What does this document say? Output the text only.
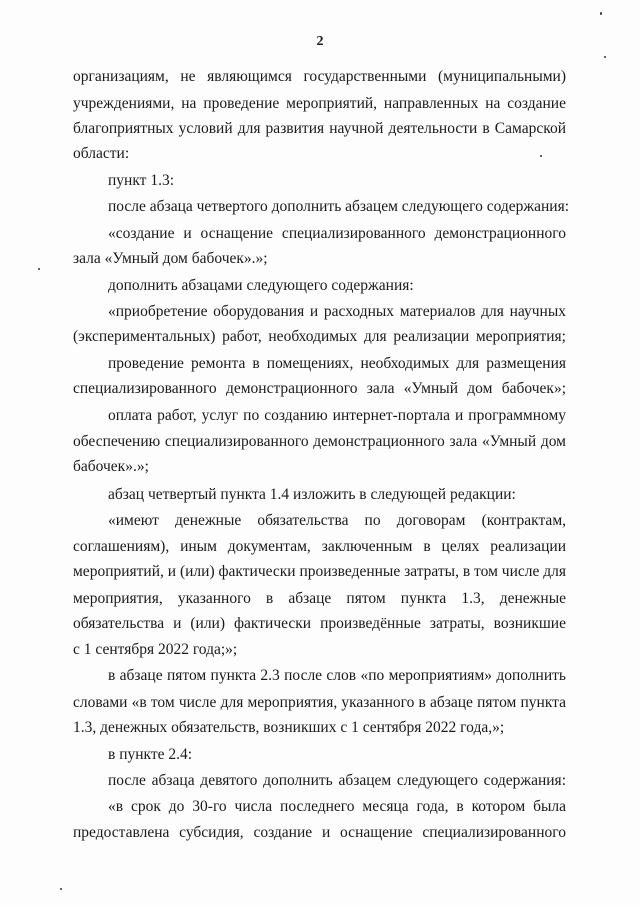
2
организациям, не являющимся государственными (муниципальными)
учреждениями, на проведение мероприятий, направленных на создание
благоприятных условий для развития научной деятельности в Самарской
области:
пункт 1.3:
после абзаца четвертого дополнить абзацем следующего содержания:
«создание и оснащение специализированного демонстрационного
зала «Умный дом бабочек».»;
дополнить абзацами следующего содержания:
«приобретение оборудования и расходных материалов для научных
(экспериментальных) работ, необходимых для реализации мероприятия;
проведение ремонта в помещениях, необходимых для размещения
специализированного демонстрационного зала «Умный дом бабочек»;
оплата работ, услуг по созданию интернет-портала и программному
обеспечению специализированного демонстрационного зала «Умный дом
бабочек».»;
абзац четвертый пункта 1.4 изложить в следующей редакции:
«имеют денежные обязательства по договорам (контрактам,
соглашениям), иным документам, заключенным в целях реализации
мероприятий, и (или) фактически произведенные затраты, в том числе для
мероприятия, указанного в абзаце пятом пункта 1.3, денежные
обязательства и (или) фактически произведённые затраты, возникшие
с 1 сентября 2022 года;»;
в абзаце пятом пункта 2.3 после слов «по мероприятиям» дополнить
словами «в том числе для мероприятия, указанного в абзаце пятом пункта
1.3, денежных обязательств, возникших с 1 сентября 2022 года,»;
в пункте 2.4:
после абзаца девятого дополнить абзацем следующего содержания:
«в срок до 30-го числа последнего месяца года, в котором была
предоставлена субсидия, создание и оснащение специализированного
